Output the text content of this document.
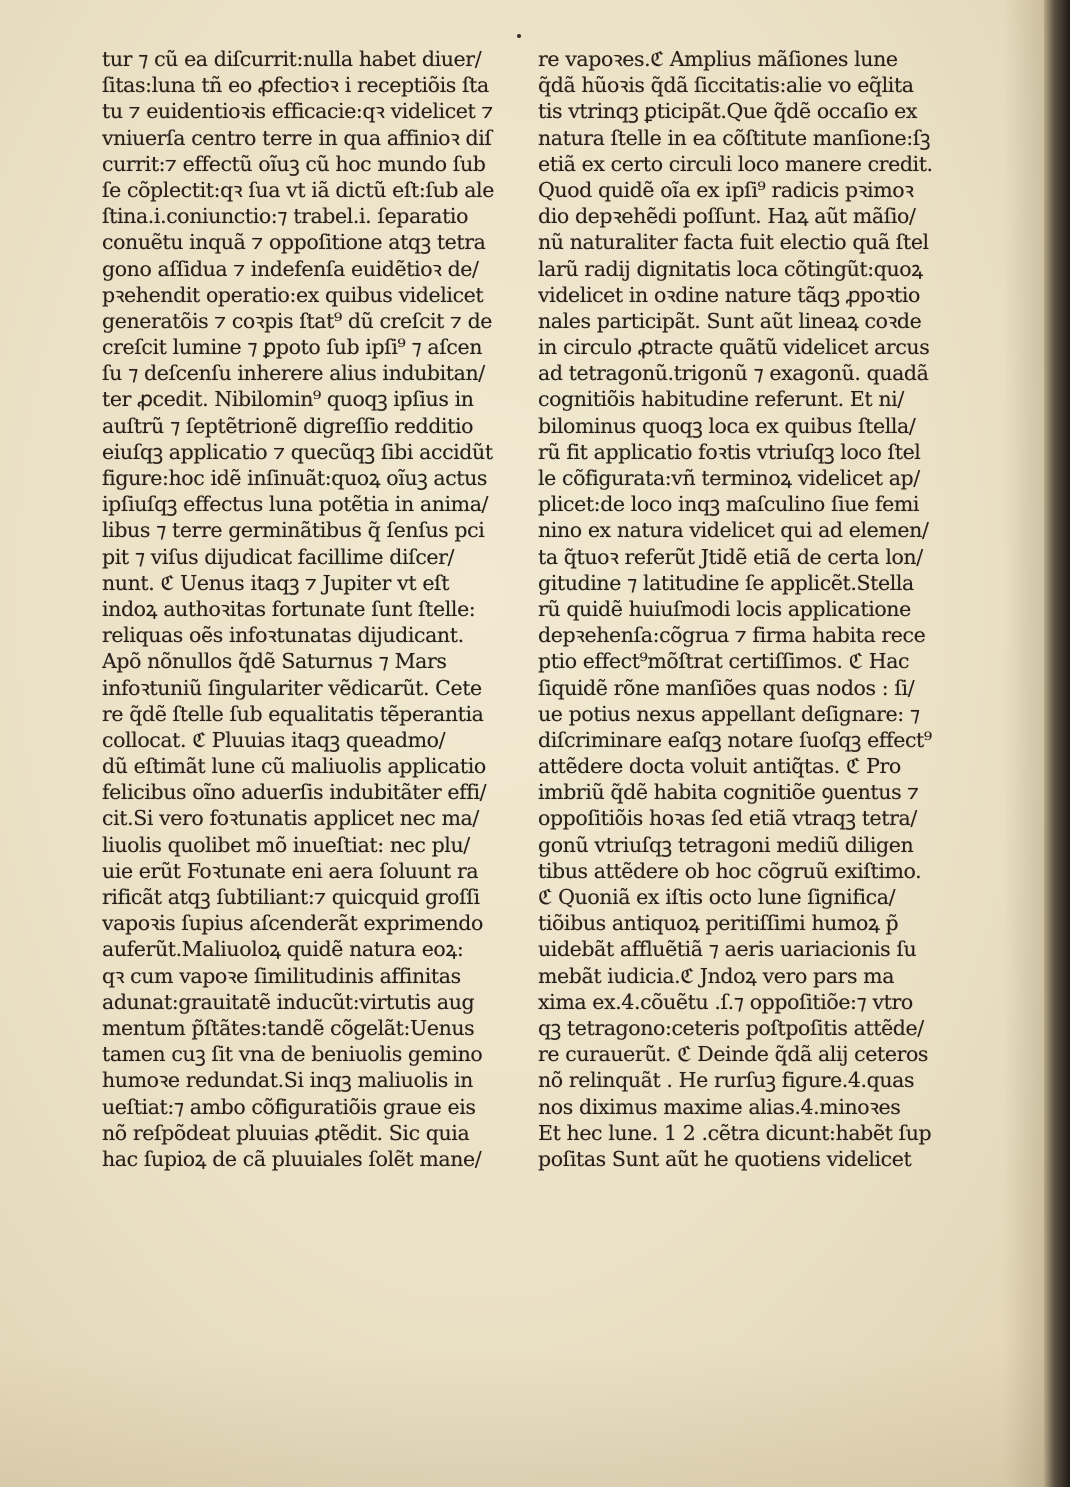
tur ⁊ cũ ea diſcurrit:nulla habet diuer/
ſitas:luna tñ eo ꝓfectioꝛ i receptiõis ſta
tu ⁊ euidentioꝛis efficacie:qꝛ videlicet ⁊
vniuerſa centro terre in qua affinioꝛ diſ
currit:⁊ effectũ oĩuꝫ cũ hoc mundo ſub
ſe cõplectit:qꝛ ſua vt iã dictũ eſt:ſub ale
ſtina.i.coniunctio:⁊ trabel.i. ſeparatio
conuẽtu inquã ⁊ oppoſitione atqꝫ tetra
gono aſſidua ⁊ indefenſa euidẽtioꝛ de/
pꝛehendit operatio:ex quibus videlicet
generatõis ⁊ coꝛpis ſtat⁹ dũ creſcit ⁊ de
creſcit lumine ⁊ ꝑpoto ſub ipſi⁹ ⁊ aſcen
ſu ⁊ deſcenſu inherere alius indubitan/
ter ꝓcedit. Nibilomin⁹ quoqꝫ ipſius in
auſtrũ ⁊ ſeptẽtrionẽ digreſſio redditio
eiuſqꝫ applicatio ⁊ quecũqꝫ ſibi accidũt
figure:hoc idẽ inſinuãt:quoꝝ oĩuꝫ actus
ipſiuſqꝫ effectus luna potẽtia in anima/
libus ⁊ terre germinãtibus q̃ ſenſus pci
pit ⁊ viſus dijudicat facillime diſcer/
nunt. ℭ Uenus itaqꝫ ⁊ Jupiter vt eſt
indoꝝ authoꝛitas fortunate ſunt ſtelle:
reliquas oẽs infoꝛtunatas dijudicant.
Apõ nõnullos q̃dẽ Saturnus ⁊ Mars
infoꝛtuniũ ſingulariter vẽdicarũt. Cete
re q̃dẽ ſtelle ſub equalitatis tẽperantia
collocat. ℭ Pluuias itaqꝫ queadmo/
dũ eſtimãt lune cũ maliuolis applicatio
felicibus oĩno aduerſis indubitãter effi/
cit.Si vero foꝛtunatis applicet nec ma/
liuolis quolibet mõ inueſtiat: nec plu/
uie erũt Foꝛtunate eni aera ſoluunt ra
rificãt atqꝫ ſubtiliant:⁊ quicquid groſſi
vapoꝛis ſupius aſcenderãt exprimendo
auferũt.Maliuoloꝝ quidẽ natura eoꝝ:
qꝛ cum vapoꝛe ſimilitudinis affinitas
adunat:grauitatẽ inducũt:virtutis aug
mentum p̃ſtãtes:tandẽ cõgelãt:Uenus
tamen cuꝫ ſit vna de beniuolis gemino
humoꝛe redundat.Si inqꝫ maliuolis in
ueſtiat:⁊ ambo cõfiguratiõis graue eis
nõ reſpõdeat pluuias ꝓtẽdit. Sic quia
hac ſupioꝝ de cã pluuiales ſolẽt mane/
re vapoꝛes.ℭ Amplius mãſiones lune
q̃dã hũoꝛis q̃dã ſiccitatis:alie vo eq̃lita
tis vtrinqꝫ ꝑticipãt.Que q̃dẽ occaſio ex
natura ſtelle in ea cõſtitute manſione:ſꝫ
etiã ex certo circuli loco manere credit.
Quod quidẽ oĩa ex ipſi⁹ radicis pꝛimoꝛ
dio depꝛehẽdi poſſunt. Haꝝ aũt mãſio/
nũ naturaliter facta fuit electio quã ſtel
larũ radij dignitatis loca cõtingũt:quoꝝ
videlicet in oꝛdine nature tãqꝫ ꝓpoꝛtio
nales participãt. Sunt aũt lineaꝝ coꝛde
in circulo ꝓtracte quãtũ videlicet arcus
ad tetragonũ.trigonũ ⁊ exagonũ. quadã
cognitiõis habitudine referunt. Et ni/
bilominus quoqꝫ loca ex quibus ſtella/
rũ fit applicatio foꝛtis vtriuſqꝫ loco ſtel
le cõfigurata:vñ terminoꝝ videlicet ap/
plicet:de loco inqꝫ maſculino ſiue femi
nino ex natura videlicet qui ad elemen/
ta q̃tuoꝛ referũt Jtidẽ etiã de certa lon/
gitudine ⁊ latitudine ſe applicẽt.Stella
rũ quidẽ huiuſmodi locis applicatione
depꝛehenſa:cõgrua ⁊ firma habita rece
ptio effect⁹mõſtrat certiſſimos. ℭ Hac
ſiquidẽ rõne manſiões quas nodos : ſi/
ue potius nexus appellant deſignare: ⁊
diſcriminare eaſqꝫ notare ſuoſqꝫ effect⁹
attẽdere docta voluit antiq̃tas. ℭ Pro
imbriũ q̃dẽ habita cognitiõe ꝯuentus ⁊
oppoſitiõis hoꝛas ſed etiã vtraqꝫ tetra/
gonũ vtriuſqꝫ tetragoni mediũ diligen
tibus attẽdere ob hoc cõgruũ exiſtimo.
ℭ Quoniã ex iſtis octo lune ſignifica/
tiõibus antiquoꝝ peritiſſimi humoꝝ p̃
uidebãt affluẽtiã ⁊ aeris uariacionis ſu
mebãt iudicia.ℭ Jndoꝝ vero pars ma
xima ex.4.cõuẽtu .ſ.⁊ oppoſitiõe:⁊ vtro
qꝫ tetragono:ceteris poſtpoſitis attẽde/
re curauerũt. ℭ Deinde q̃dã alij ceteros
nõ relinquãt . He rurſuꝫ figure.4.quas
nos diximus maxime alias.4.minoꝛes
Et hec lune. 1 2 .cẽtra dicunt:habẽt ſup
poſitas Sunt aũt he quotiens videlicet
